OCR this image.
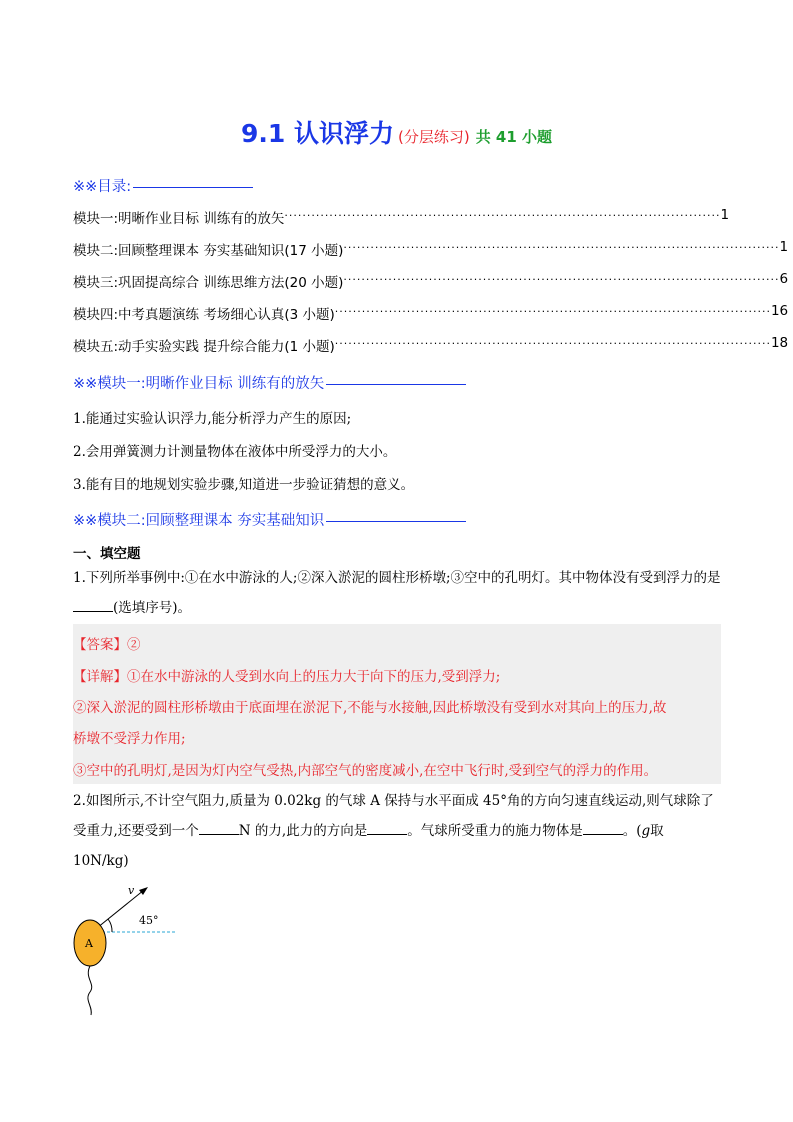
9.1 认识浮力 (分层练习) 共 41 小题
※※目录:
模块一:明晰作业目标 训练有的放矢 ································································································· 1
模块二:回顾整理课本 夯实基础知识(17 小题) ································································································· 1
模块三:巩固提高综合 训练思维方法(20 小题) ································································································· 6
模块四:中考真题演练 考场细心认真(3 小题) ································································································· 16
模块五:动手实验实践 提升综合能力(1 小题) ································································································· 18
※※模块一:明晰作业目标 训练有的放矢
1.能通过实验认识浮力,能分析浮力产生的原因;
2.会用弹簧测力计测量物体在液体中所受浮力的大小。
3.能有目的地规划实验步骤,知道进一步验证猜想的意义。
※※模块二:回顾整理课本 夯实基础知识
一、填空题
1.下列所举事例中:①在水中游泳的人;②深入淤泥的圆柱形桥墩;③空中的孔明灯。其中物体没有受到浮力的是(选填序号)。
【答案】②
【详解】①在水中游泳的人受到水向上的压力大于向下的压力,受到浮力;
②深入淤泥的圆柱形桥墩由于底面埋在淤泥下,不能与水接触,因此桥墩没有受到水对其向上的压力,故
桥墩不受浮力作用;
③空中的孔明灯,是因为灯内空气受热,内部空气的密度减小,在空中飞行时,受到空气的浮力的作用。
2.如图所示,不计空气阻力,质量为 0.02kg 的气球 A 保持与水平面成 45°角的方向匀速直线运动,则气球除了受重力,还要受到一个	N 的力,此力的方向是	。气球所受重力的施力物体是	。(g取 10N/kg)
v
45°
A
